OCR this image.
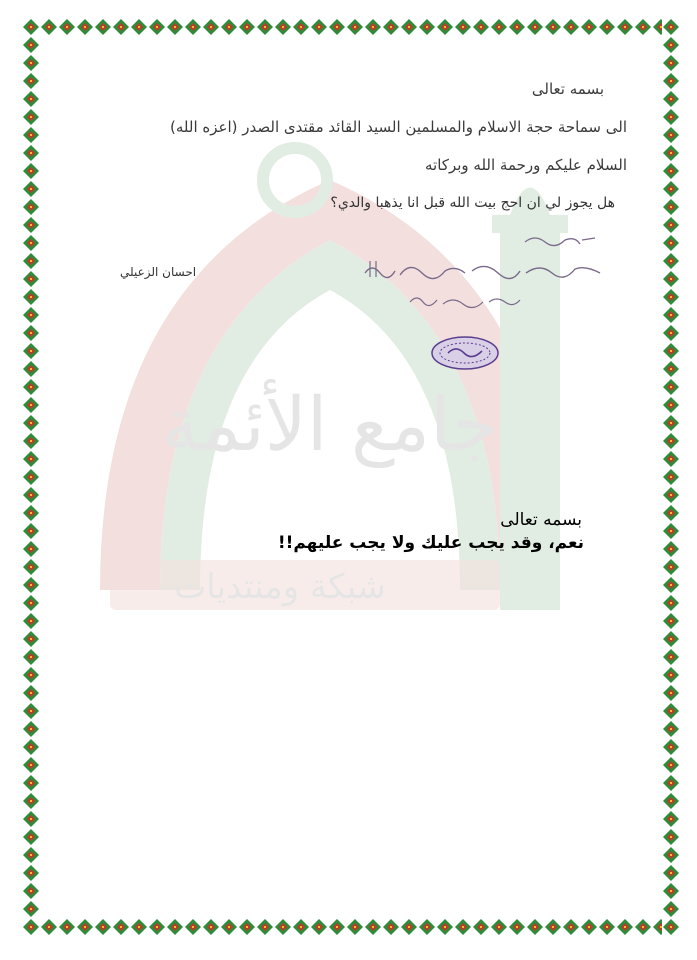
جامع الأئمة
شبكة ومنتديات
بسمه تعالى
الى سماحة حجة الاسلام والمسلمين السيد القائد مقتدى الصدر (اعزه الله)
السلام عليكم ورحمة الله وبركاته
هل يجوز لي ان احج بيت الله قبل انا يذهبا والدي؟
احسان الزعيلي
بسمه تعالى
نعم، وقد يجب عليك ولا يجب عليهم!!
